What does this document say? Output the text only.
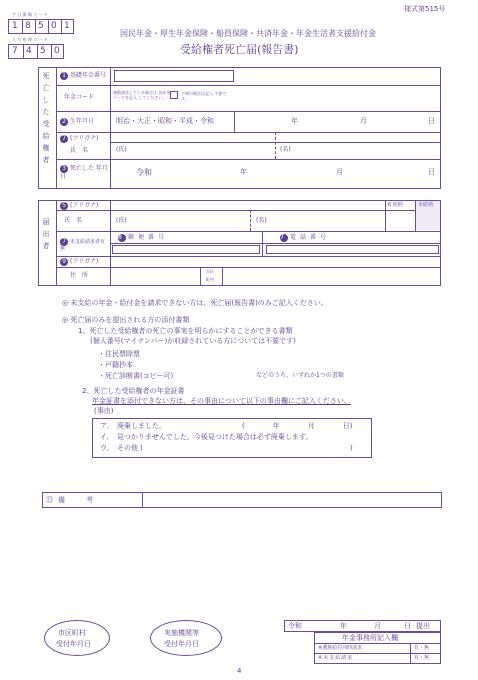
様式第515号
手 日 番 類 コ ー ド
1 8 5 0 1
入 力 処 理 コ ー ド
7 4 5 0
国民年金・厚生年金保険・船員保険・共済年金・年金生活者支援給付金
受給権者死亡届(報告書)
死亡した受給権者	1 基礎年金番号
年金コード
複数請求している場合は 各年金コードを記入 してください。
不明の場合は記入 不要です。
2 生年月日	明治・大正・昭和・平成・令和	年	月	日
7 (フリガナ)
氏　名	(氏)	(名)
3 死亡した 年月日	令和	年	月	日
届出者
5 (フリガナ)	6 続柄	未続柄
氏　名	(氏)	(名)
7 未支給請求者有無
8 郵便番号	7 電話番号
9 (フリガナ)
住　所
市区
町村
◎ 未支給の年金・給付金を請求できない方は、死亡届(報告書)のみご記入ください。
◎ 死亡届のみを提出される方の添付書類
1、死亡した受給権者の死亡の事実を明らかにすることができる書類
(個人番号(マイナンバー)が収録されている方については不要です)
・住民票除票
・戸籍抄本
・死亡診断書(コピー可)	などのうち、いずれか1つの書類
2、死亡した受給権者の年金証書
年金証書を添付できない方は、その事由について以下の事由欄にご記入ください。
(事由)
ア、　廃棄しました。	(　　　　年　　　　月　　　　日)
イ、　見つかりませんでした。今後見つけた場合は必ず廃棄します。
ウ、　その他 (	)
㉒ 備　　　考
市区町村
受付年月日
実施機関等
受付年月日
令和	年	月	日 提出
年金事務所記入欄
※遺族給付同時請求	有・無
※未支給請求	有・無
4
